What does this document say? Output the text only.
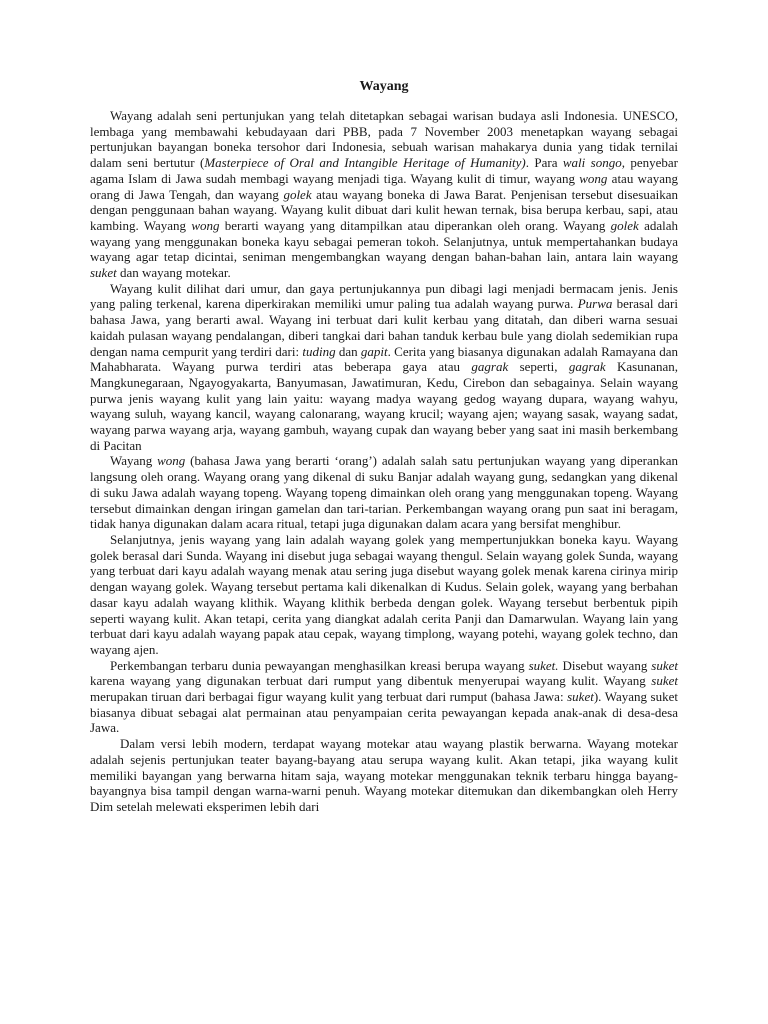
Wayang

Wayang adalah seni pertunjukan yang telah ditetapkan sebagai warisan budaya asli Indonesia. UNESCO, lembaga yang membawahi kebudayaan dari PBB, pada 7 November 2003 menetapkan wayang sebagai pertunjukan bayangan boneka tersohor dari Indonesia, sebuah warisan mahakarya dunia yang tidak ternilai dalam seni bertutur (Masterpiece of Oral and Intangible Heritage of Humanity). Para wali songo, penyebar agama Islam di Jawa sudah membagi wayang menjadi tiga. Wayang kulit di timur, wayang wong atau wayang orang di Jawa Tengah, dan wayang golek atau wayang boneka di Jawa Barat. Penjenisan tersebut disesuaikan dengan penggunaan bahan wayang. Wayang kulit dibuat dari kulit hewan ternak, bisa berupa kerbau, sapi, atau kambing. Wayang wong berarti wayang yang ditampilkan atau diperankan oleh orang. Wayang golek adalah wayang yang menggunakan boneka kayu sebagai pemeran tokoh. Selanjutnya, untuk mempertahankan budaya wayang agar tetap dicintai, seniman mengembangkan wayang dengan bahan-bahan lain, antara lain wayang suket dan wayang motekar.

Wayang kulit dilihat dari umur, dan gaya pertunjukannya pun dibagi lagi menjadi bermacam jenis. Jenis yang paling terkenal, karena diperkirakan memiliki umur paling tua adalah wayang purwa. Purwa berasal dari bahasa Jawa, yang berarti awal. Wayang ini terbuat dari kulit kerbau yang ditatah, dan diberi warna sesuai kaidah pulasan wayang pendalangan, diberi tangkai dari bahan tanduk kerbau bule yang diolah sedemikian rupa dengan nama cempurit yang terdiri dari: tuding dan gapit. Cerita yang biasanya digunakan adalah Ramayana dan Mahabharata. Wayang purwa terdiri atas beberapa gaya atau gagrak seperti, gagrak Kasunanan, Mangkunegaraan, Ngayogyakarta, Banyumasan, Jawatimuran, Kedu, Cirebon dan sebagainya. Selain wayang purwa jenis wayang kulit yang lain yaitu: wayang madya wayang gedog wayang dupara, wayang wahyu, wayang suluh, wayang kancil, wayang calonarang, wayang krucil; wayang ajen; wayang sasak, wayang sadat, wayang parwa wayang arja, wayang gambuh, wayang cupak dan wayang beber yang saat ini masih berkembang di Pacitan

Wayang wong (bahasa Jawa yang berarti ‘orang’) adalah salah satu pertunjukan wayang yang diperankan langsung oleh orang. Wayang orang yang dikenal di suku Banjar adalah wayang gung, sedangkan yang dikenal di suku Jawa adalah wayang topeng. Wayang topeng dimainkan oleh orang yang menggunakan topeng. Wayang tersebut dimainkan dengan iringan gamelan dan tari-tarian. Perkembangan wayang orang pun saat ini beragam, tidak hanya digunakan dalam acara ritual, tetapi juga digunakan dalam acara yang bersifat menghibur.

Selanjutnya, jenis wayang yang lain adalah wayang golek yang mempertunjukkan boneka kayu. Wayang golek berasal dari Sunda. Wayang ini disebut juga sebagai wayang thengul. Selain wayang golek Sunda, wayang yang terbuat dari kayu adalah wayang menak atau sering juga disebut wayang golek menak karena cirinya mirip dengan wayang golek. Wayang tersebut pertama kali dikenalkan di Kudus. Selain golek, wayang yang berbahan dasar kayu adalah wayang klithik. Wayang klithik berbeda dengan golek. Wayang tersebut berbentuk pipih seperti wayang kulit. Akan tetapi, cerita yang diangkat adalah cerita Panji dan Damarwulan. Wayang lain yang terbuat dari kayu adalah wayang papak atau cepak, wayang timplong, wayang potehi, wayang golek techno, dan wayang ajen.

Perkembangan terbaru dunia pewayangan menghasilkan kreasi berupa wayang suket. Disebut wayang suket karena wayang yang digunakan terbuat dari rumput yang dibentuk menyerupai wayang kulit. Wayang suket merupakan tiruan dari berbagai figur wayang kulit yang terbuat dari rumput (bahasa Jawa: suket). Wayang suket biasanya dibuat sebagai alat permainan atau penyampaian cerita pewayangan kepada anak-anak di desa-desa Jawa.

Dalam versi lebih modern, terdapat wayang motekar atau wayang plastik berwarna. Wayang motekar adalah sejenis pertunjukan teater bayang-bayang atau serupa wayang kulit. Akan tetapi, jika wayang kulit memiliki bayangan yang berwarna hitam saja, wayang motekar menggunakan teknik terbaru hingga bayang-bayangnya bisa tampil dengan warna-warni penuh. Wayang motekar ditemukan dan dikembangkan oleh Herry Dim setelah melewati eksperimen lebih dari
